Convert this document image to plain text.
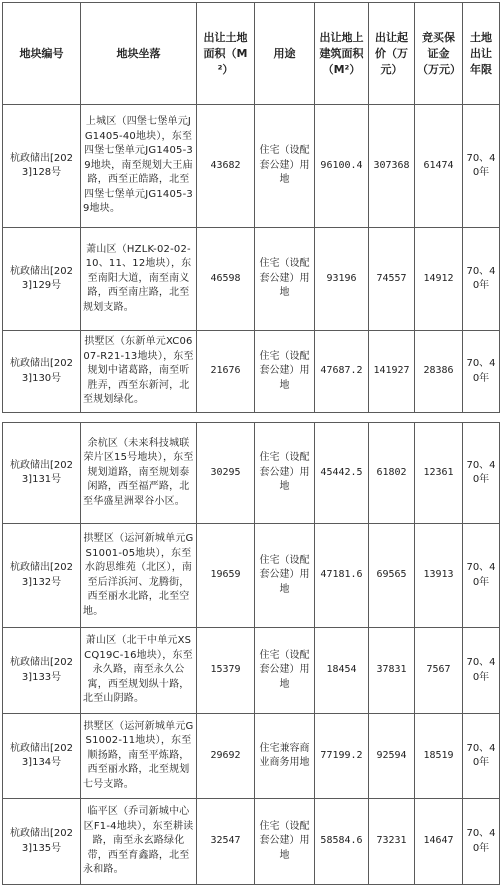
地块编号	地块坐落	出让土地面积（M²）	用途	出让地上建筑面积（M²）	出让起价（万元）	竞买保证金（万元）	土地出让年限
杭政储出[2023]128号	上城区（四堡七堡单元JG1405-40地块），东至四堡七堡单元JG1405-39地块，南至规划大王庙路，西至正皓路，北至四堡七堡单元JG1405-39地块。	43682	住宅（设配套公建）用地	96100.4	307368	61474	70、40年
杭政储出[2023]129号	萧山区（HZLK-02-02-10、11、12地块），东至南阳大道，南至南义路，西至南庄路，北至规划支路。	46598	住宅（设配套公建）用地	93196	74557	14912	70、40年
杭政储出[2023]130号	拱墅区（东新单元XC0607-R21-13地块），东至规划中诸葛路，南至听胜弄，西至东新河，北至规划绿化。	21676	住宅（设配套公建）用地	47687.2	141927	28386	70、40年
杭政储出[2023]131号	余杭区（未来科技城联荣片区15号地块），东至规划道路，南至规划泰闲路，西至福严路，北至华盛星洲翠谷小区。	30295	住宅（设配套公建）用地	45442.5	61802	12361	70、40年
杭政储出[2023]132号	拱墅区（运河新城单元GS1001-05地块），东至水韵思维苑（北区），南至后洋浜河、龙腾街，西至丽水北路，北至空地。	19659	住宅（设配套公建）用地	47181.6	69565	13913	70、40年
杭政储出[2023]133号	萧山区（北干中单元XSCQ19C-16地块），东至永久路，南至永久公寓，西至规划纵十路，北至山阴路。	15379	住宅（设配套公建）用地	18454	37831	7567	70、40年
杭政储出[2023]134号	拱墅区（运河新城单元GS1002-11地块），东至顺扬路，南至平炼路，西至丽水路，北至规划七号支路。	29692	住宅兼容商业商务用地	77199.2	92594	18519	70、40年
杭政储出[2023]135号	临平区（乔司新城中心区F1-4地块），东至耕读路，南至永玄路绿化带，西至育鑫路，北至永和路。	32547	住宅（设配套公建）用地	58584.6	73231	14647	70、40年
